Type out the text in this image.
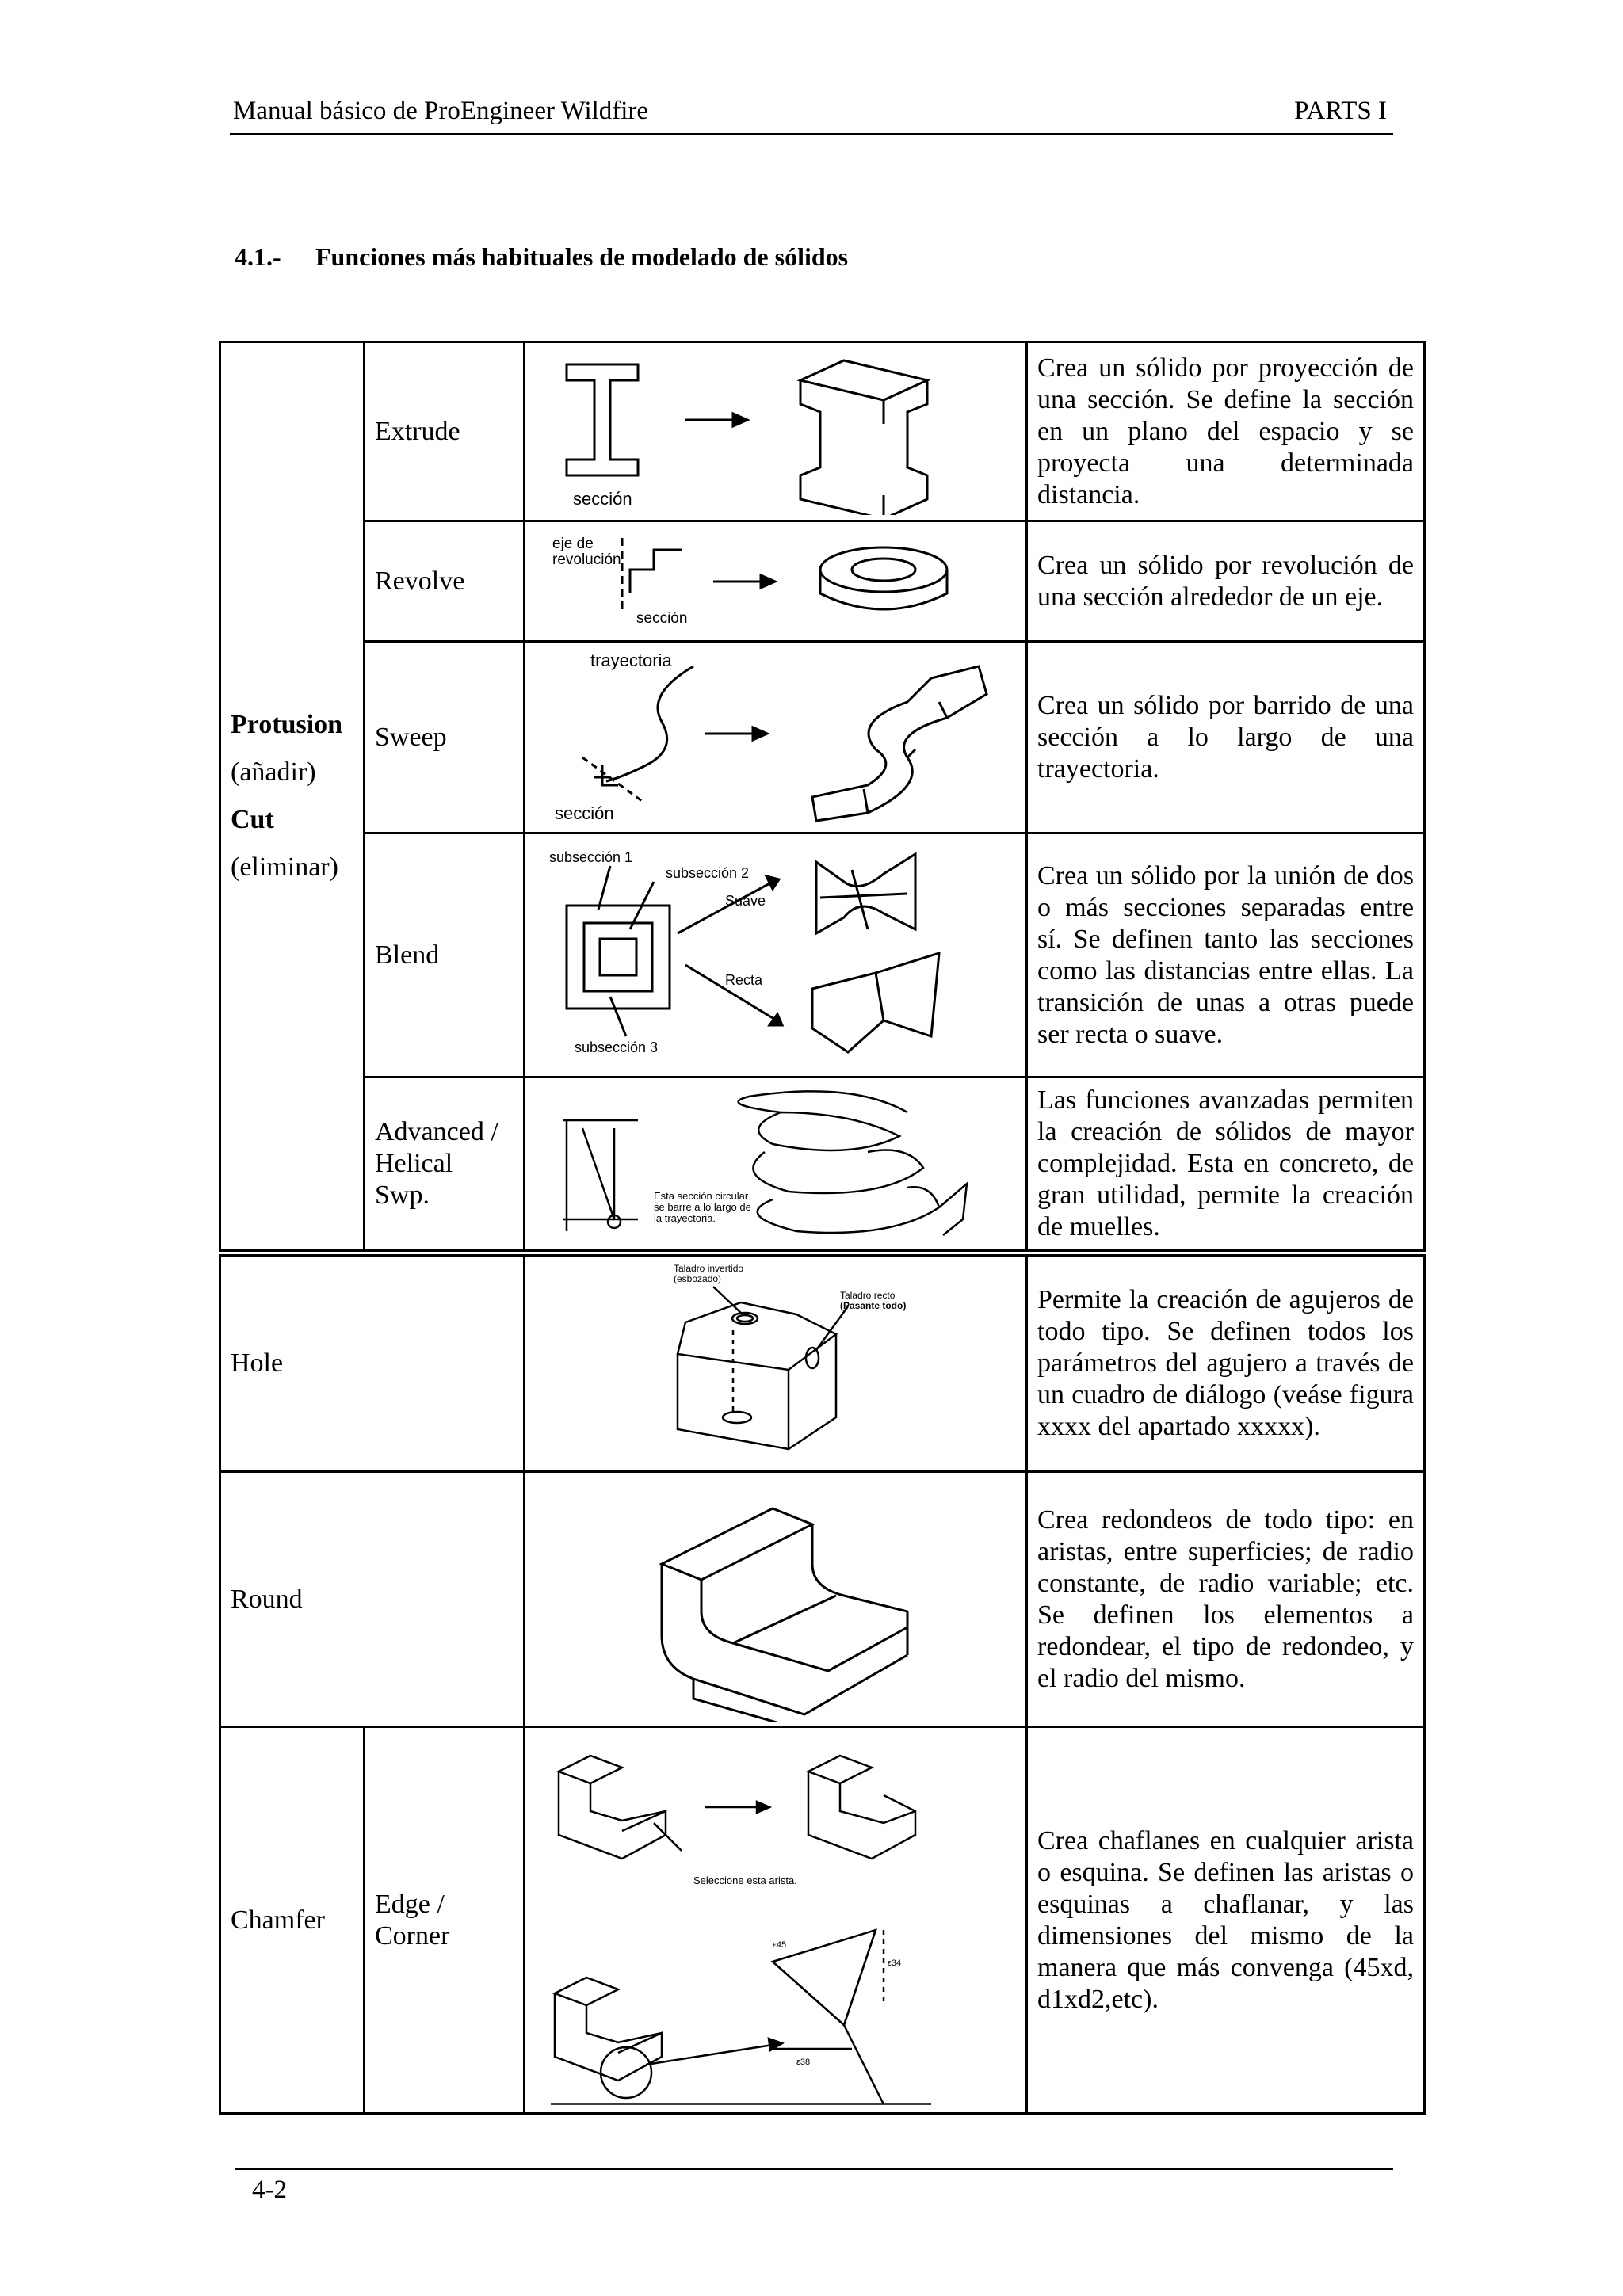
Manual básico de ProEngineer Wildfire	PARTS I
4.1.- Funciones más habituales de modelado de sólidos

Protusion

(añadir)

Cut

(eliminar)	Extrude	sección	Crea un sólido por proyección de una sección. Se define la sección en un plano del espacio y se proyecta una determinada distancia.
	Revolve	eje de
revolución
sección	Crea un sólido por revolución de una sección alrededor de un eje.
	Sweep	trayectoria
sección	Crea un sólido por barrido de una sección a lo largo de una trayectoria.
	Blend	subsección 1
subsección 2
Suave
Recta
subsección 3	Crea un sólido por la unión de dos o más secciones separadas entre sí. Se definen tanto las secciones como las distancias entre ellas. La transición de unas a otras puede ser recta o suave.
	Advanced / Helical Swp.	Esta sección circular
se barre a lo largo de
la trayectoria.	Las funciones avanzadas permiten la creación de sólidos de mayor complejidad. Esta en concreto, de gran utilidad, permite la creación de muelles.
Hole		Taladro invertido
(esbozado)
Taladro recto
(Pasante todo)	Permite la creación de agujeros de todo tipo. Se definen todos los parámetros del agujero a través de un cuadro de diálogo (veáse figura xxxx del apartado xxxxx).
Round			Crea redondeos de todo tipo: en aristas, entre superficies; de radio constante, de radio variable; etc. Se definen los elementos a redondear, el tipo de redondeo, y el radio del mismo.
Chamfer	Edge / Corner	Seleccione esta arista.
ε45
ε34
ε38	Crea chaflanes en cualquier arista o esquina. Se definen las aristas o esquinas a chaflanar, y las dimensiones del mismo de la manera que más convenga (45xd, d1xd2,etc).
4-2
